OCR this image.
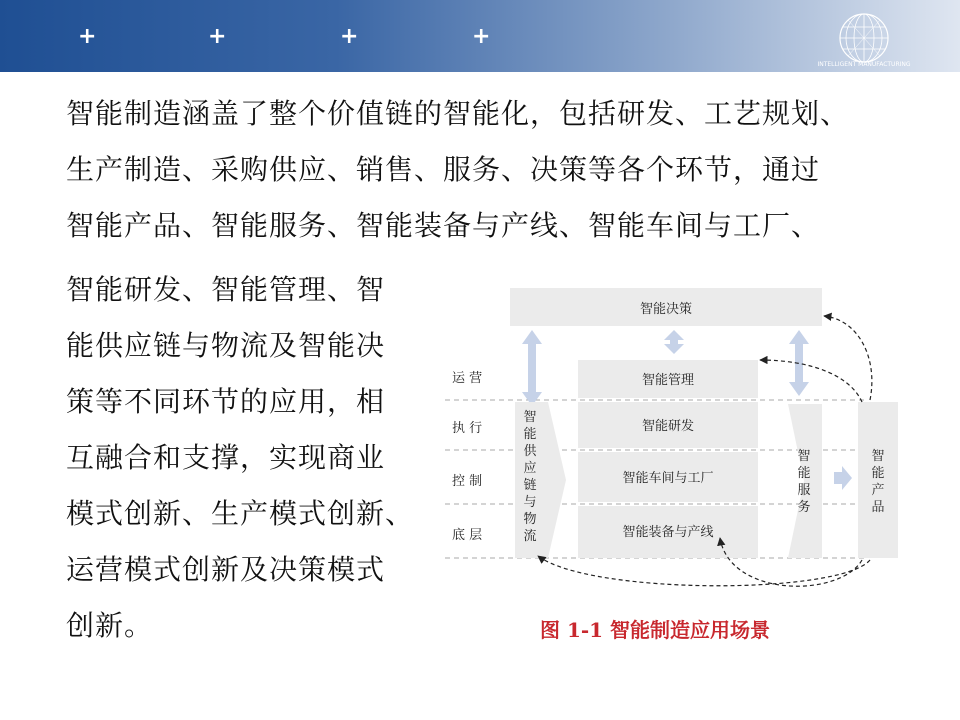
+	+	+	+
INTELLIGENT MANUFACTURING
智能制造涵盖了整个价值链的智能化，包括研发、工艺规划、
生产制造、采购供应、销售、服务、决策等各个环节，通过
智能产品、智能服务、智能装备与产线、智能车间与工厂、
智能研发、智能管理、智
能供应链与物流及智能决
策等不同环节的应用，相
互融合和支撑，实现商业
模式创新、生产模式创新、
运营模式创新及决策模式
创新。
智能决策
运 营
执 行
控 制
底 层
智
能
供
应
链
与
物
流
智能管理
智能研发
智能车间与工厂
智能装备与产线
智
能
服
务
智
能
产
品
图 1-1 智能制造应用场景
